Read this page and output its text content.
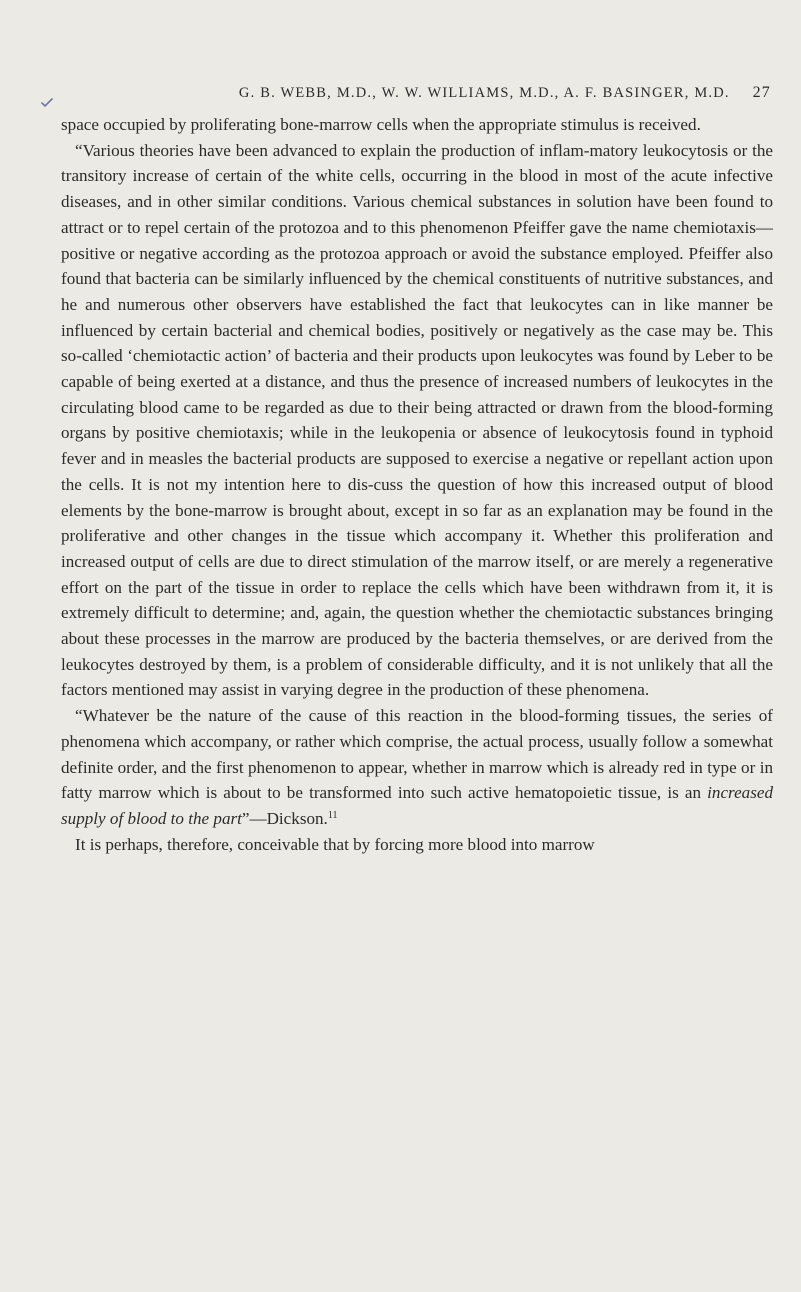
G. B. WEBB, M.D., W. W. WILLIAMS, M.D., A. F. BASINGER, M.D. 27

space occupied by proliferating bone-marrow cells when the appropriate stimulus is received.

“Various theories have been advanced to explain the production of inflam-matory leukocytosis or the transitory increase of certain of the white cells, occurring in the blood in most of the acute infective diseases, and in other similar conditions. Various chemical substances in solution have been found to attract or to repel certain of the protozoa and to this phenomenon Pfeiffer gave the name chemiotaxis—positive or negative according as the protozoa approach or avoid the substance employed. Pfeiffer also found that bacteria can be similarly influenced by the chemical constituents of nutritive substances, and he and numerous other observers have established the fact that leukocytes can in like manner be influenced by certain bacterial and chemical bodies, positively or negatively as the case may be. This so-called ‘chemiotactic action’ of bacteria and their products upon leukocytes was found by Leber to be capable of being exerted at a distance, and thus the presence of increased numbers of leukocytes in the circulating blood came to be regarded as due to their being attracted or drawn from the blood-forming organs by positive chemiotaxis; while in the leukopenia or absence of leukocytosis found in typhoid fever and in measles the bacterial products are supposed to exercise a negative or repellant action upon the cells. It is not my intention here to dis-cuss the question of how this increased output of blood elements by the bone-marrow is brought about, except in so far as an explanation may be found in the proliferative and other changes in the tissue which accompany it. Whether this proliferation and increased output of cells are due to direct stimulation of the marrow itself, or are merely a regenerative effort on the part of the tissue in order to replace the cells which have been withdrawn from it, it is extremely difficult to determine; and, again, the question whether the chemiotactic substances bringing about these processes in the marrow are produced by the bacteria themselves, or are derived from the leukocytes destroyed by them, is a problem of considerable difficulty, and it is not unlikely that all the factors mentioned may assist in varying degree in the production of these phenomena.

“Whatever be the nature of the cause of this reaction in the blood-forming tissues, the series of phenomena which accompany, or rather which comprise, the actual process, usually follow a somewhat definite order, and the first phenomenon to appear, whether in marrow which is already red in type or in fatty marrow which is about to be transformed into such active hematopoietic tissue, is an increased supply of blood to the part”—Dickson.$^{11}$

It is perhaps, therefore, conceivable that by forcing more blood into marrow
